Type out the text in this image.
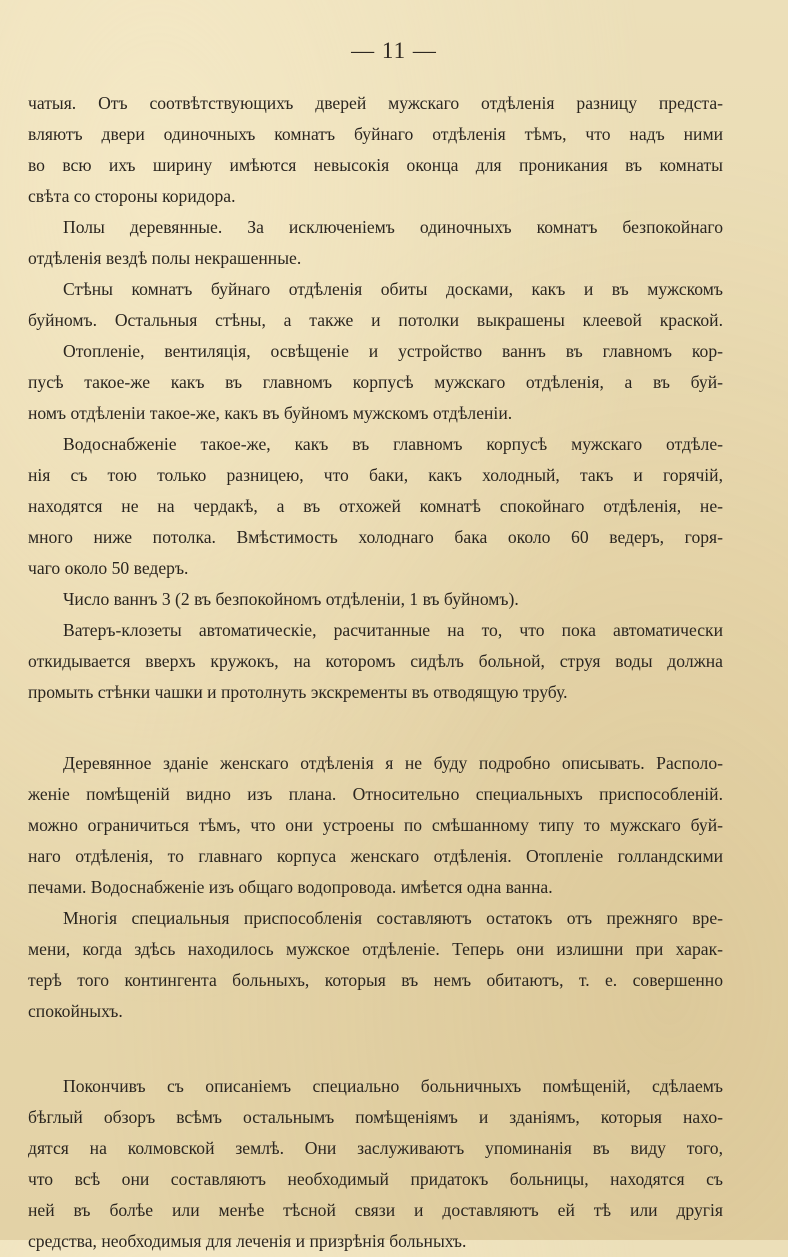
— 11 —
чатыя. Отъ соотвѣтствующихъ дверей мужскаго отдѣленія разницу предста-
вляютъ двери одиночныхъ комнатъ буйнаго отдѣленія тѣмъ, что надъ ними
во всю ихъ ширину имѣются невысокія оконца для проникания въ комнаты
свѣта со стороны коридора.
Полы деревянные. За исключеніемъ одиночныхъ комнатъ безпокойнаго
отдѣленія вездѣ полы некрашенные.
Стѣны комнатъ буйнаго отдѣленія обиты досками, какъ и въ мужскомъ
буйномъ. Остальныя стѣны, а также и потолки выкрашены клеевой краской.
Отопленіе, вентиляція, освѣщеніе и устройство ваннъ въ главномъ кор-
пусѣ такое-же какъ въ главномъ корпусѣ мужскаго отдѣленія, а въ буй-
номъ отдѣленіи такое-же, какъ въ буйномъ мужскомъ отдѣленіи.
Водоснабженіе такое-же, какъ въ главномъ корпусѣ мужскаго отдѣле-
нія съ тою только разницею, что баки, какъ холодный, такъ и горячій,
находятся не на чердакѣ, а въ отхожей комнатѣ спокойнаго отдѣленія, не-
много ниже потолка. Вмѣстимость холоднаго бака около 60 ведеръ, горя-
чаго около 50 ведеръ.
Число ваннъ 3 (2 въ безпокойномъ отдѣленіи, 1 въ буйномъ).
Ватеръ-клозеты автоматическіе, расчитанные на то, что пока автоматически
откидывается вверхъ кружокъ, на которомъ сидѣлъ больной, струя воды должна
промыть стѣнки чашки и протолнуть экскременты въ отводящую трубу.
Деревянное зданіе женскаго отдѣленія я не буду подробно описывать. Располо-
женіе помѣщеній видно изъ плана. Относительно специальныхъ приспособленій.
можно ограничиться тѣмъ, что они устроены по смѣшанному типу то мужскаго буй-
наго отдѣленія, то главнаго корпуса женскаго отдѣленія. Отопленіе голландскими
печами. Водоснабженіе изъ общаго водопровода. имѣется одна ванна.
Многія специальныя приспособленія составляютъ остатокъ отъ прежняго вре-
мени, когда здѣсь находилось мужское отдѣленіе. Теперь они излишни при харак-
терѣ того контингента больныхъ, которыя въ немъ обитаютъ, т. е. совершенно
спокойныхъ.
Покончивъ съ описаніемъ специально больничныхъ помѣщеній, сдѣлаемъ
бѣглый обзоръ всѣмъ остальнымъ помѣщеніямъ и зданіямъ, которыя нахо-
дятся на колмовской землѣ. Они заслуживаютъ упоминанія въ виду того,
что всѣ они составляютъ необходимый придатокъ больницы, находятся съ
ней въ болѣе или менѣе тѣсной связи и доставляютъ ей тѣ или другія
средства, необходимыя для леченія и призрѣнія больныхъ.
